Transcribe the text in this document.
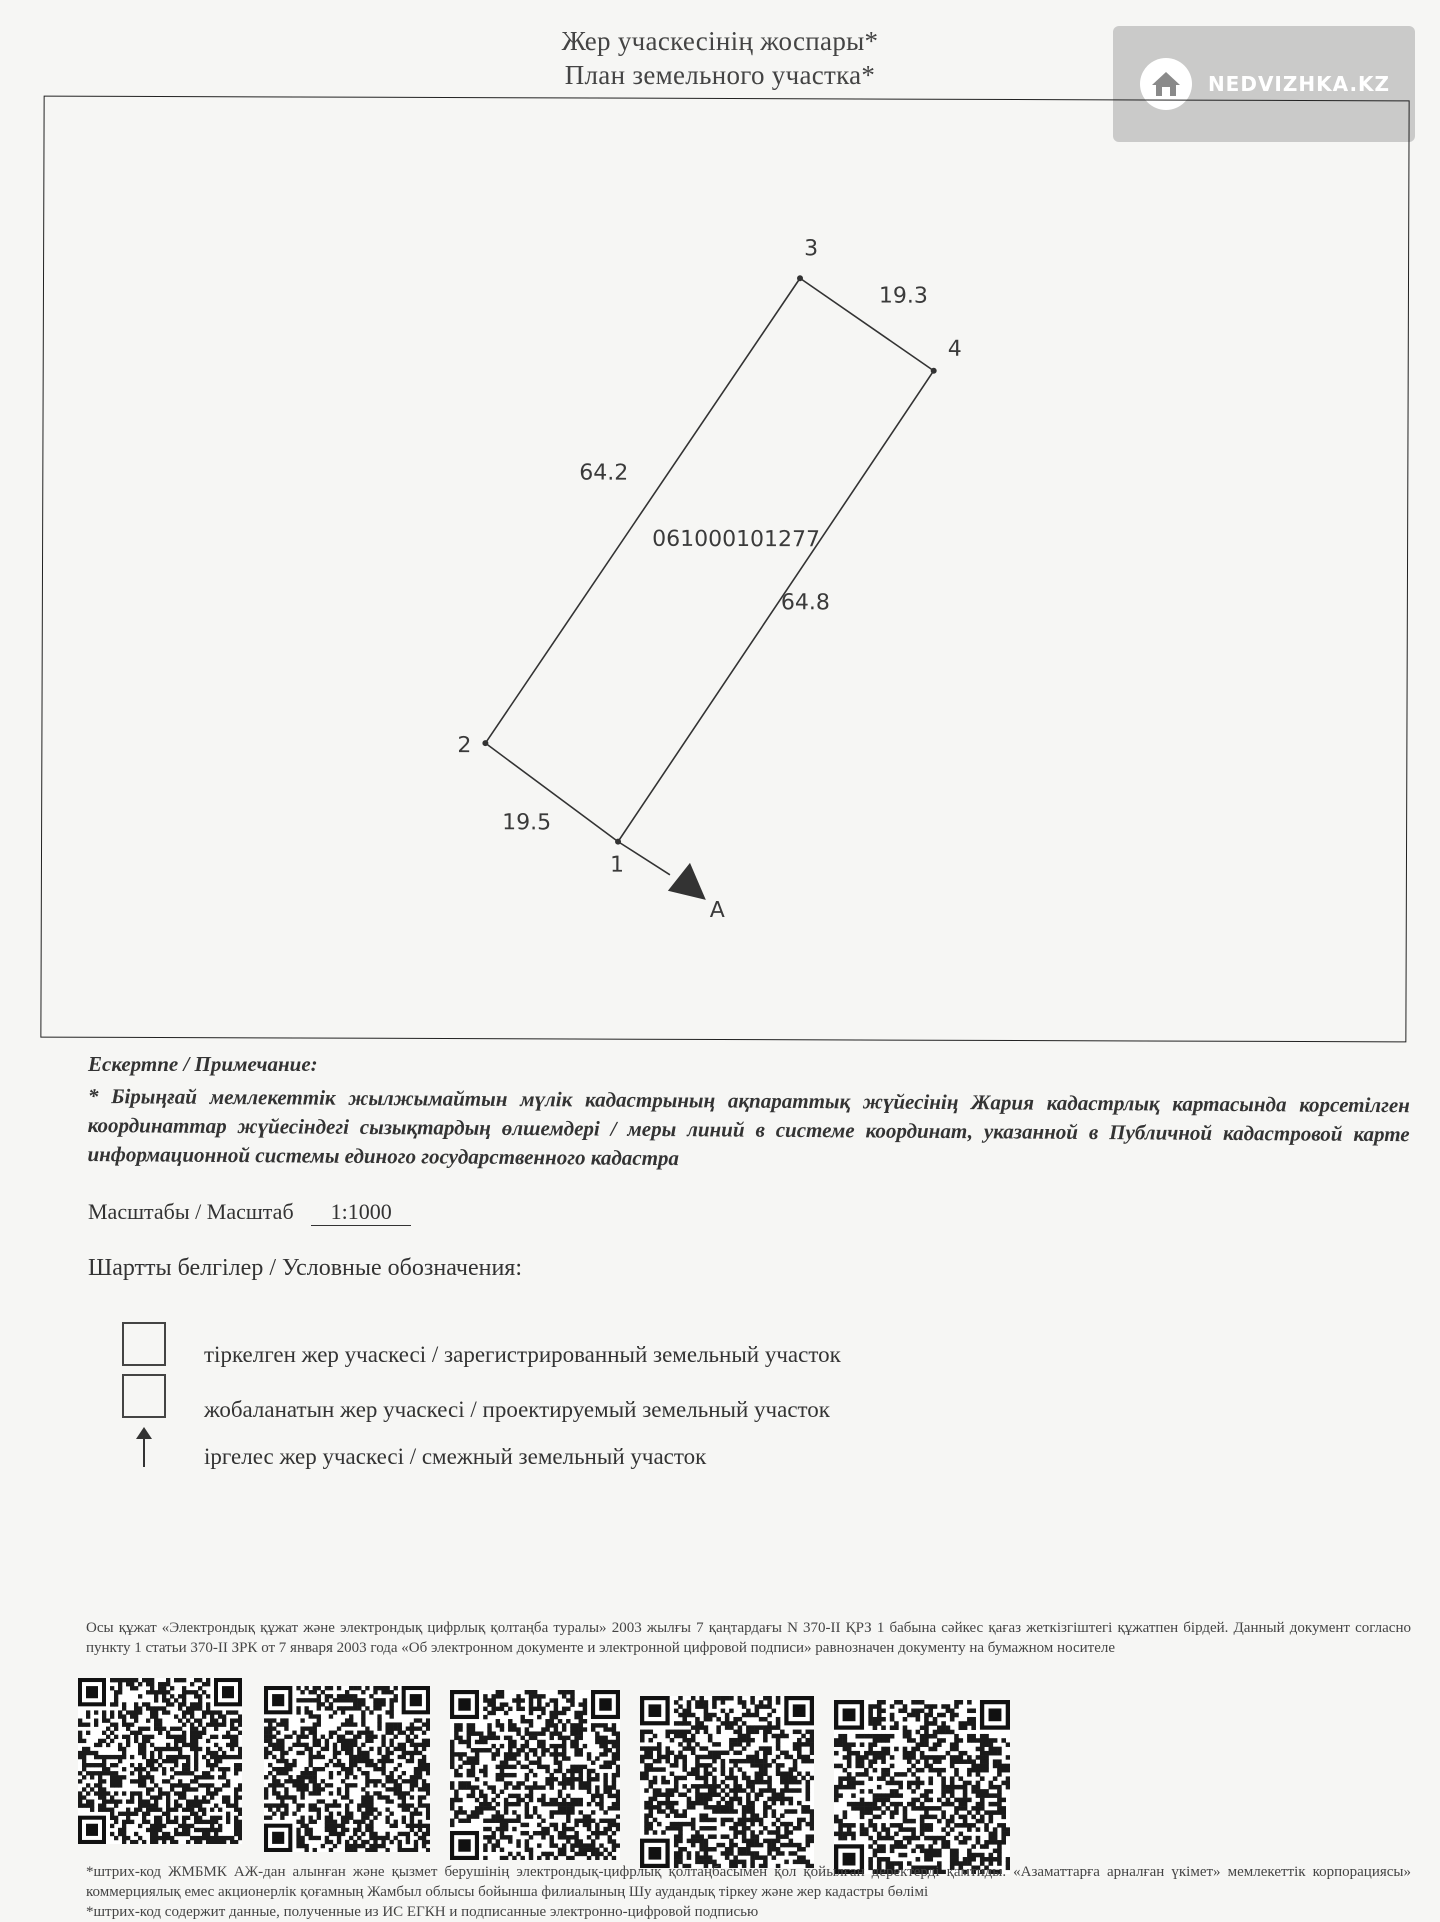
Жер учаскесінің жоспары*
План земельного участка*	NEDVIZHKA.KZ
1
2
3
4
19.5
64.2
19.3
64.8
061000101277
A
Ескертпе / Примечание:
* Бірыңғай мемлекеттік жылжымайтын мүлік кадастрының ақпараттық жүйесінің Жария кадастрлық картасында корсетілген координаттар жүйесіндегі сызықтардың өлшемдері / меры линий в системе координат, указанной в Публичной кадастровой карте информационной системы единого государственного кадастра
Масштабы / Масштаб 1:1000
Шартты белгілер / Условные обозначения:
тіркелген жер учаскесі / зарегистрированный земельный участок
жобаланатын жер учаскесі / проектируемый земельный участок
іргелес жер учаскесі / смежный земельный участок
Осы құжат «Электрондық құжат және электрондық цифрлық қолтаңба туралы» 2003 жылғы 7 қаңтардағы N 370-II ҚРЗ 1 бабына сәйкес қағаз жеткізгіштегі құжатпен бірдей. Данный документ согласно пункту 1 статьи 370-II ЗРК от 7 января 2003 года «Об электронном документе и электронной цифровой подписи» равнозначен документу на бумажном носителе
*штрих-код ЖМБМК АЖ-дан алынған және қызмет берушінің электрондық-цифрлық қолтаңбасымен қол қойылған деректерді қамтиды. «Азаматтарға арналған үкімет» мемлекеттік корпорациясы» коммерциялық емес акционерлік қоғамның Жамбыл облысы бойынша филиалының Шу аудандық тіркеу және жер кадастры бөлімі
*штрих-код содержит данные, полученные из ИС ЕГКН и подписанные электронно-цифровой подписью
